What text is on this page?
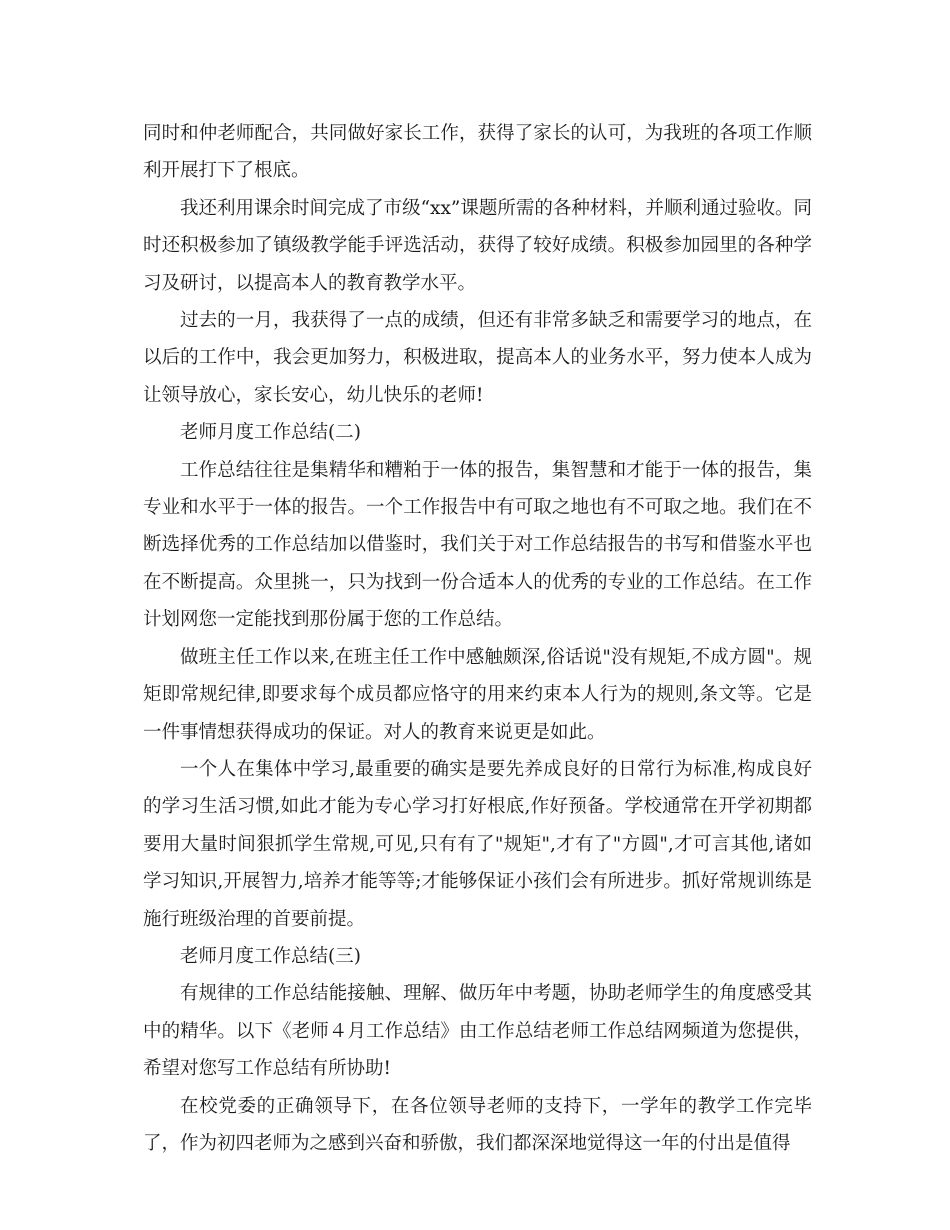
同时和仲老师配合，共同做好家长工作，获得了家长的认可，为我班的各项工作顺利开展打下了根底。

我还利用课余时间完成了市级“xx”课题所需的各种材料，并顺利通过验收。同时还积极参加了镇级教学能手评选活动，获得了较好成绩。积极参加园里的各种学习及研讨，以提高本人的教育教学水平。

过去的一月，我获得了一点的成绩，但还有非常多缺乏和需要学习的地点，在以后的工作中，我会更加努力，积极进取，提高本人的业务水平，努力使本人成为让领导放心，家长安心，幼儿快乐的老师!

老师月度工作总结(二)

工作总结往往是集精华和糟粕于一体的报告，集智慧和才能于一体的报告，集专业和水平于一体的报告。一个工作报告中有可取之地也有不可取之地。我们在不断选择优秀的工作总结加以借鉴时，我们关于对工作总结报告的书写和借鉴水平也在不断提高。众里挑一，只为找到一份合适本人的优秀的专业的工作总结。在工作计划网您一定能找到那份属于您的工作总结。

做班主任工作以来,在班主任工作中感触颇深,俗话说"没有规矩,不成方圆"。规矩即常规纪律,即要求每个成员都应恪守的用来约束本人行为的规则,条文等。它是一件事情想获得成功的保证。对人的教育来说更是如此。

一个人在集体中学习,最重要的确实是要先养成良好的日常行为标准,构成良好的学习生活习惯,如此才能为专心学习打好根底,作好预备。学校通常在开学初期都要用大量时间狠抓学生常规,可见,只有有了"规矩",才有了"方圆",才可言其他,诸如学习知识,开展智力,培养才能等等;才能够保证小孩们会有所进步。抓好常规训练是施行班级治理的首要前提。

老师月度工作总结(三)

有规律的工作总结能接触、理解、做历年中考题，协助老师学生的角度感受其中的精华。以下《老师４月工作总结》由工作总结老师工作总结网频道为您提供，希望对您写工作总结有所协助!

在校党委的正确领导下，在各位领导老师的支持下，一学年的教学工作完毕了，作为初四老师为之感到兴奋和骄傲，我们都深深地觉得这一年的付出是值得
